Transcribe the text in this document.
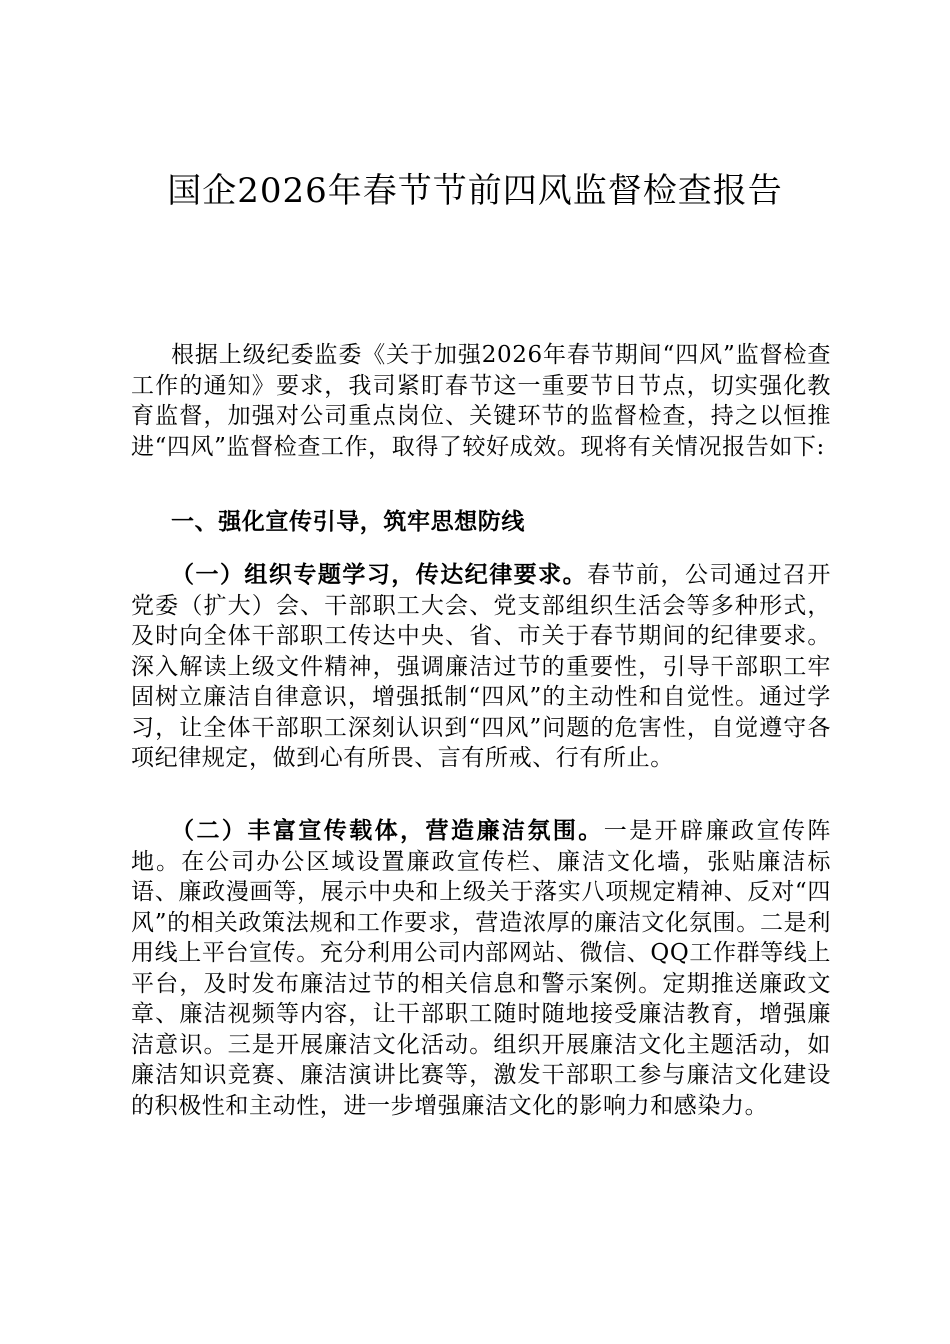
国企2026年春节节前四风监督检查报告

根据上级纪委监委《关于加强2026年春节期间“四风”监督检查工作的通知》要求，我司紧盯春节这一重要节日节点，切实强化教育监督，加强对公司重点岗位、关键环节的监督检查，持之以恒推进“四风”监督检查工作，取得了较好成效。现将有关情况报告如下:

一、强化宣传引导，筑牢思想防线

（一）组织专题学习，传达纪律要求。春节前，公司通过召开党委（扩大）会、干部职工大会、党支部组织生活会等多种形式，及时向全体干部职工传达中央、省、市关于春节期间的纪律要求。深入解读上级文件精神，强调廉洁过节的重要性，引导干部职工牢固树立廉洁自律意识，增强抵制“四风”的主动性和自觉性。通过学习，让全体干部职工深刻认识到“四风”问题的危害性，自觉遵守各项纪律规定，做到心有所畏、言有所戒、行有所止。

（二）丰富宣传载体，营造廉洁氛围。一是开辟廉政宣传阵地。在公司办公区域设置廉政宣传栏、廉洁文化墙，张贴廉洁标语、廉政漫画等，展示中央和上级关于落实八项规定精神、反对“四风”的相关政策法规和工作要求，营造浓厚的廉洁文化氛围。二是利用线上平台宣传。充分利用公司内部网站、微信、QQ工作群等线上平台，及时发布廉洁过节的相关信息和警示案例。定期推送廉政文章、廉洁视频等内容，让干部职工随时随地接受廉洁教育，增强廉洁意识。三是开展廉洁文化活动。组织开展廉洁文化主题活动，如廉洁知识竞赛、廉洁演讲比赛等，激发干部职工参与廉洁文化建设的积极性和主动性，进一步增强廉洁文化的影响力和感染力。
